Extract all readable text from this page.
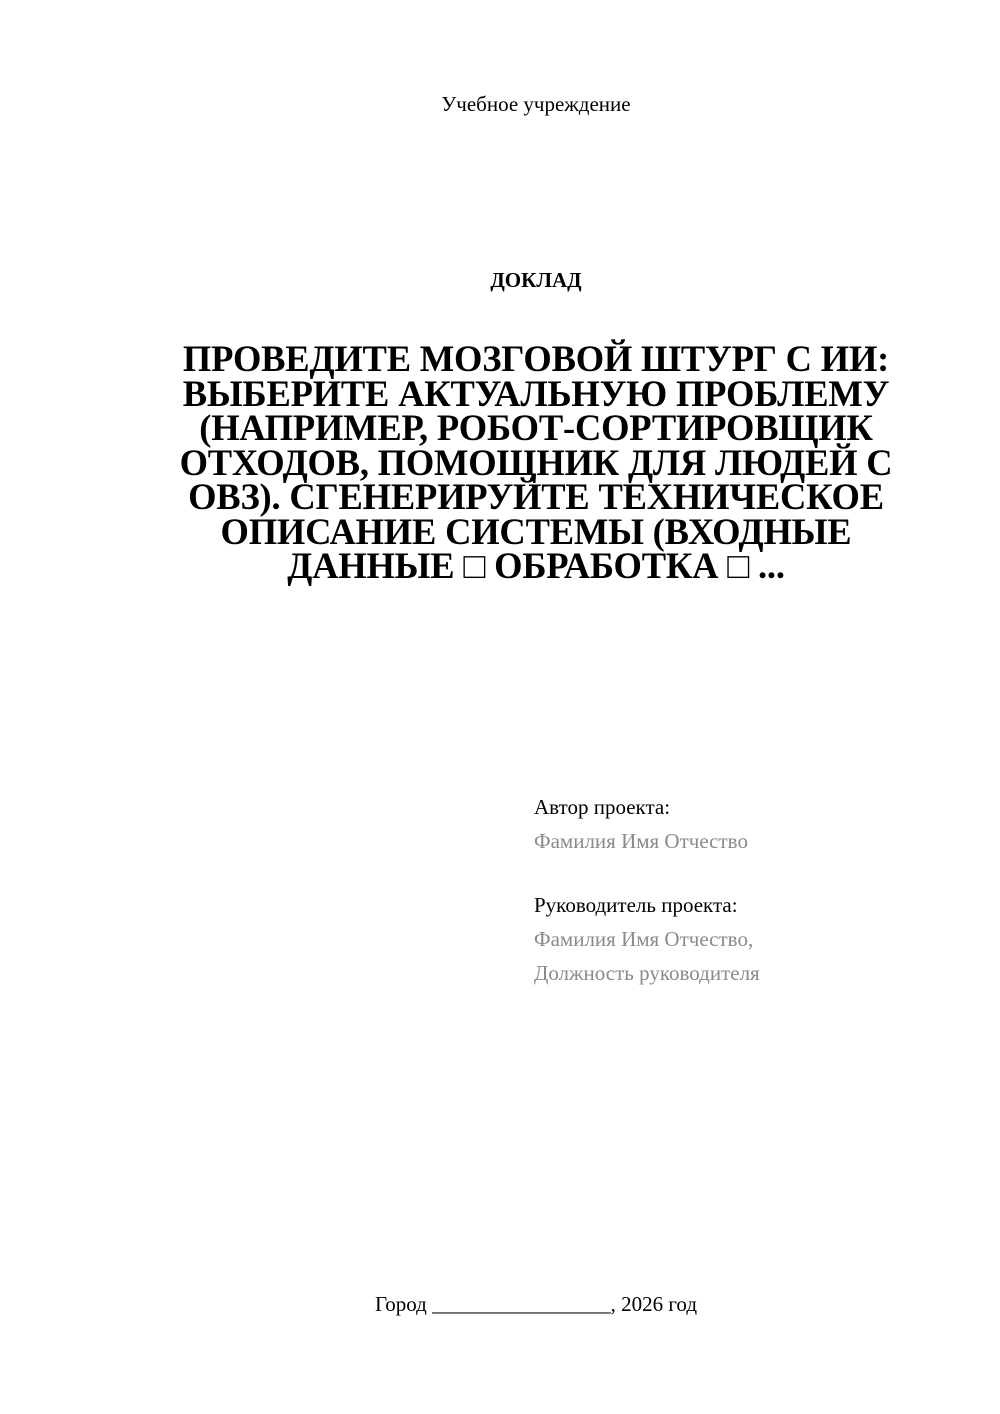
Учебное учреждение
ДОКЛАД
ПРОВЕДИТЕ МОЗГОВОЙ ШТУРГ С ИИ: ВЫБЕРИТЕ АКТУАЛЬНУЮ ПРОБЛЕМУ (НАПРИМЕР, РОБОТ-СОРТИРОВЩИК ОТХОДОВ, ПОМОЩНИК ДЛЯ ЛЮДЕЙ С ОВЗ). СГЕНЕРИРУЙТЕ ТЕХНИЧЕСКОЕ ОПИСАНИЕ СИСТЕМЫ (ВХОДНЫЕ ДАННЫЕ □ ОБРАБОТКА □ ...
Автор проекта:
Фамилия Имя Отчество
Руководитель проекта:
Фамилия Имя Отчество,
Должность руководителя
Город _________________, 2026 год
